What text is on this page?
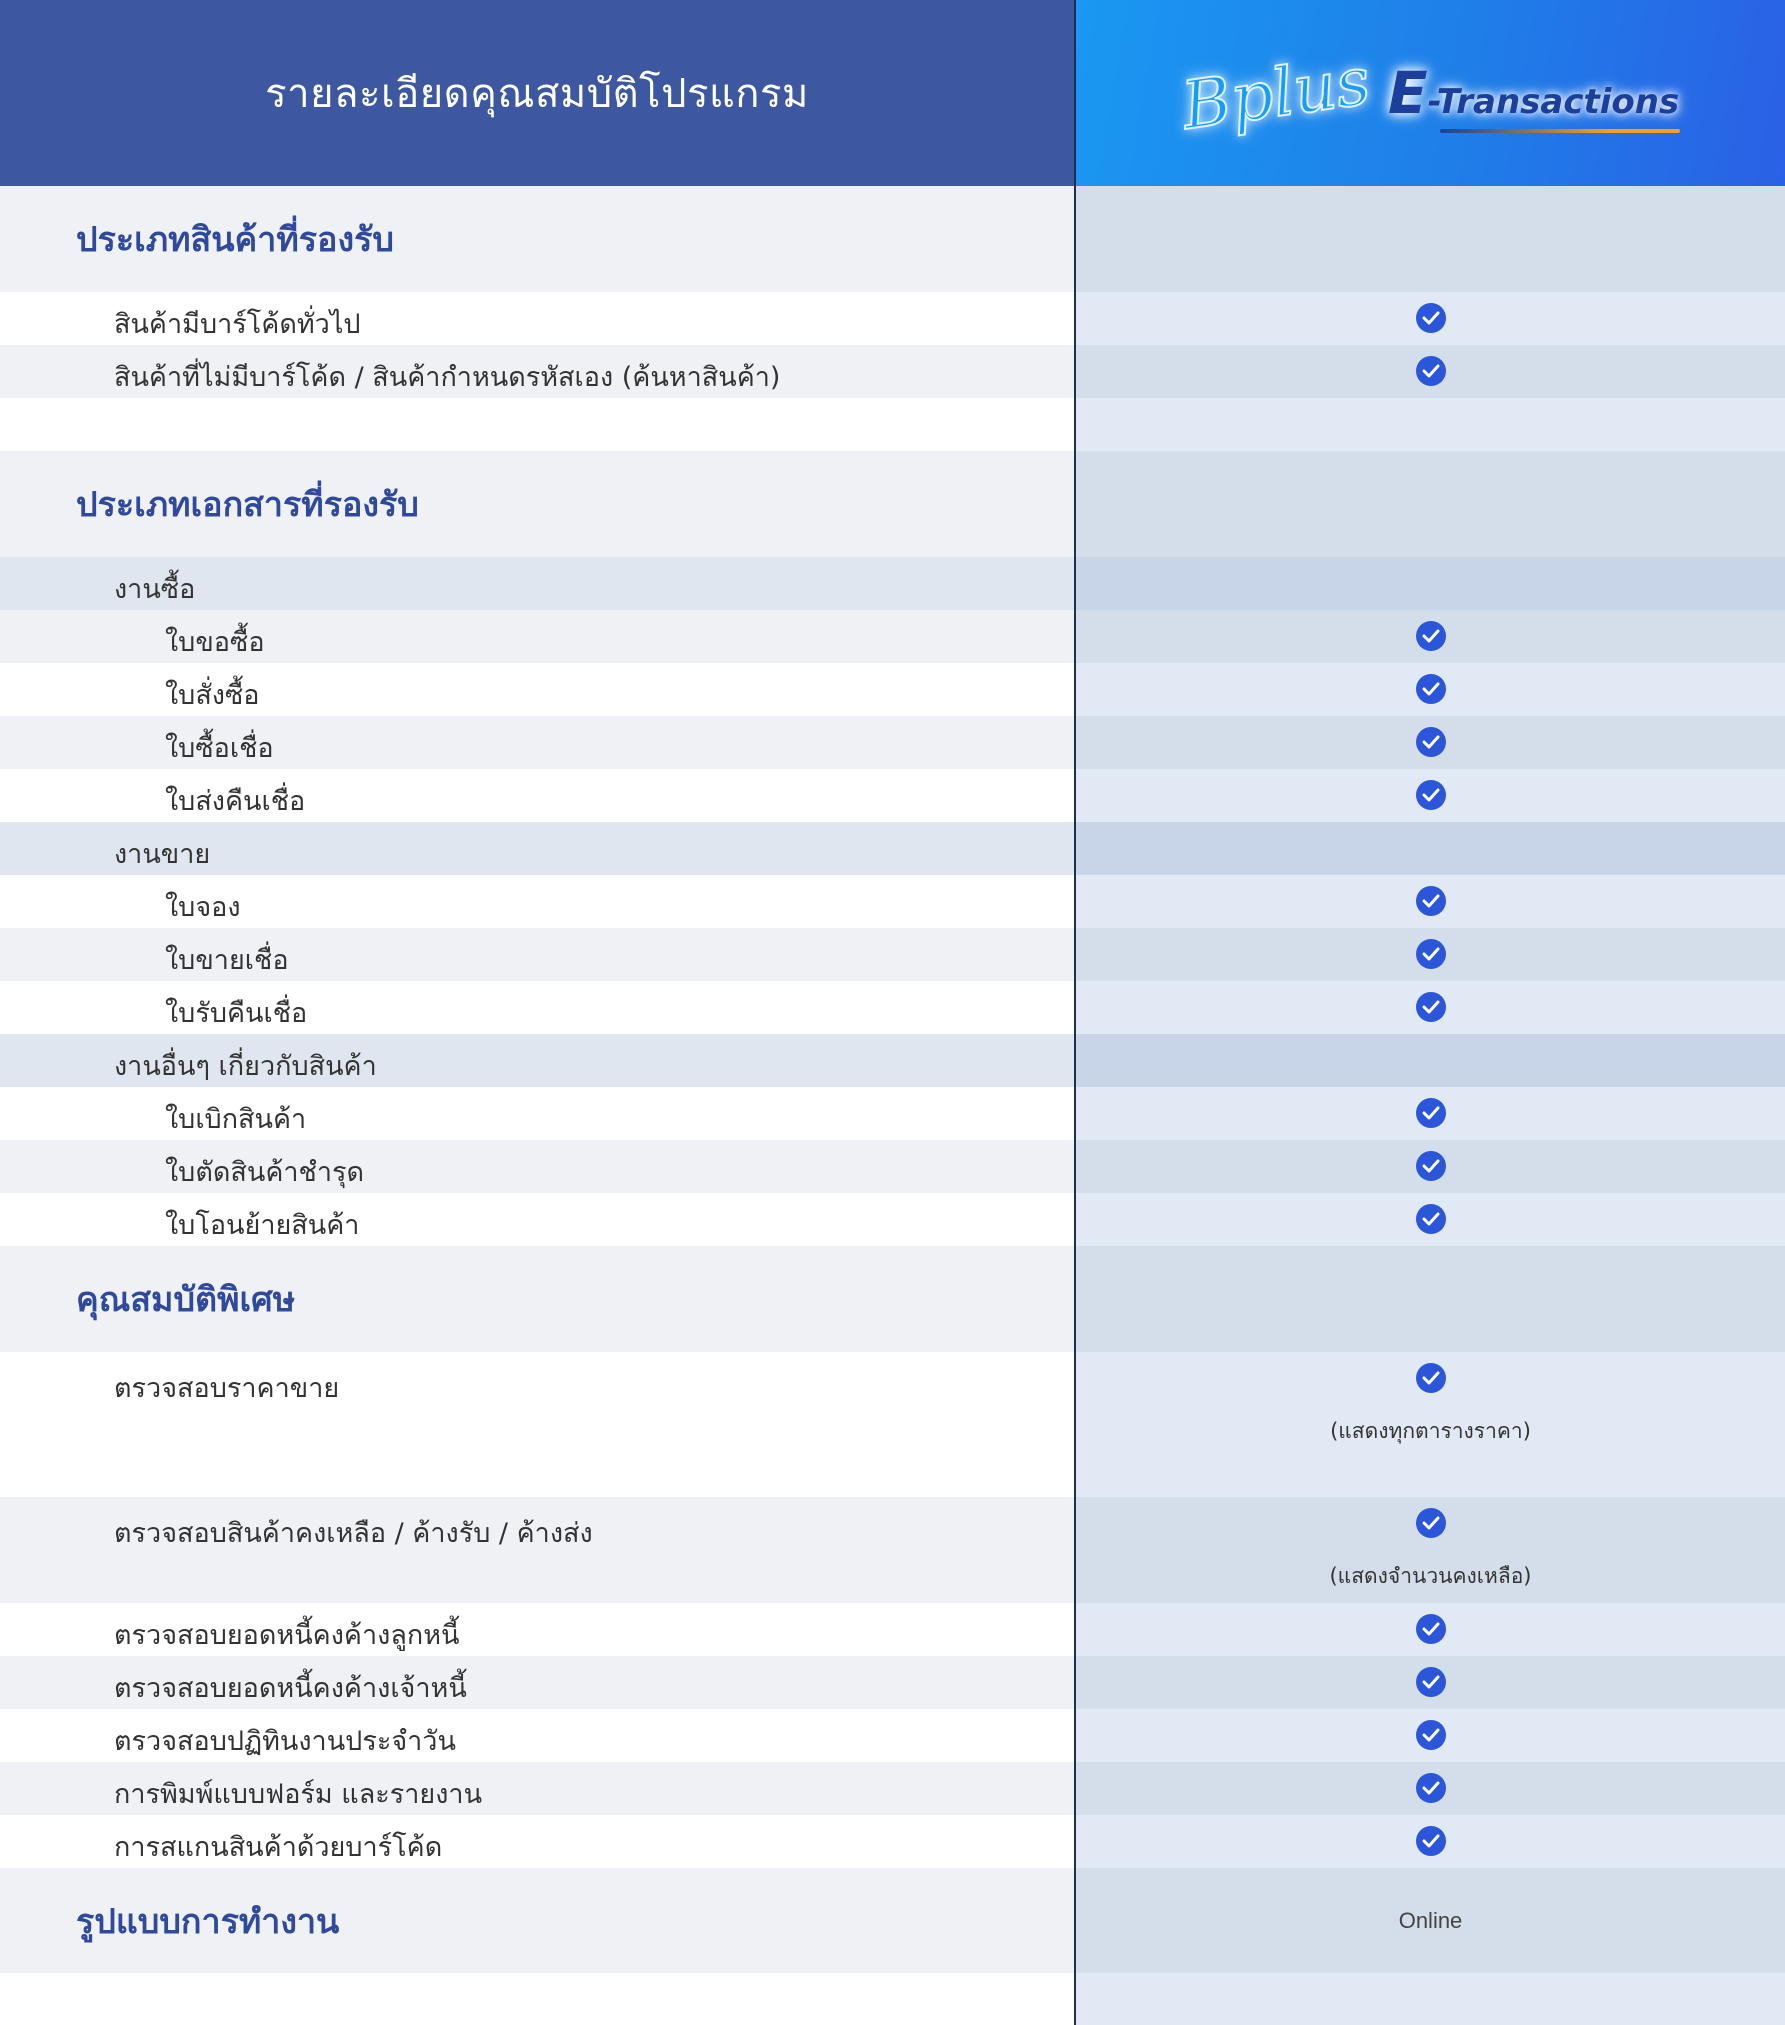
รายละเอียดคุณสมบัติโปรแกรม	Bplus E -Transactions
ประเภทสินค้าที่รองรับ
สินค้ามีบาร์โค้ดทั่วไป
สินค้าที่ไม่มีบาร์โค้ด / สินค้ากำหนดรหัสเอง (ค้นหาสินค้า)
ประเภทเอกสารที่รองรับ
งานซื้อ
ใบขอซื้อ
ใบสั่งซื้อ
ใบซื้อเชื่อ
ใบส่งคืนเชื่อ
งานขาย
ใบจอง
ใบขายเชื่อ
ใบรับคืนเชื่อ
งานอื่นๆ เกี่ยวกับสินค้า
ใบเบิกสินค้า
ใบตัดสินค้าชำรุด
ใบโอนย้ายสินค้า
คุณสมบัติพิเศษ
ตรวจสอบราคาขาย
(แสดงทุกตารางราคา)
ตรวจสอบสินค้าคงเหลือ / ค้างรับ / ค้างส่ง
(แสดงจำนวนคงเหลือ)
ตรวจสอบยอดหนี้คงค้างลูกหนี้
ตรวจสอบยอดหนี้คงค้างเจ้าหนี้
ตรวจสอบปฏิทินงานประจำวัน
การพิมพ์แบบฟอร์ม และรายงาน
การสแกนสินค้าด้วยบาร์โค้ด
รูปแบบการทำงาน	Online
